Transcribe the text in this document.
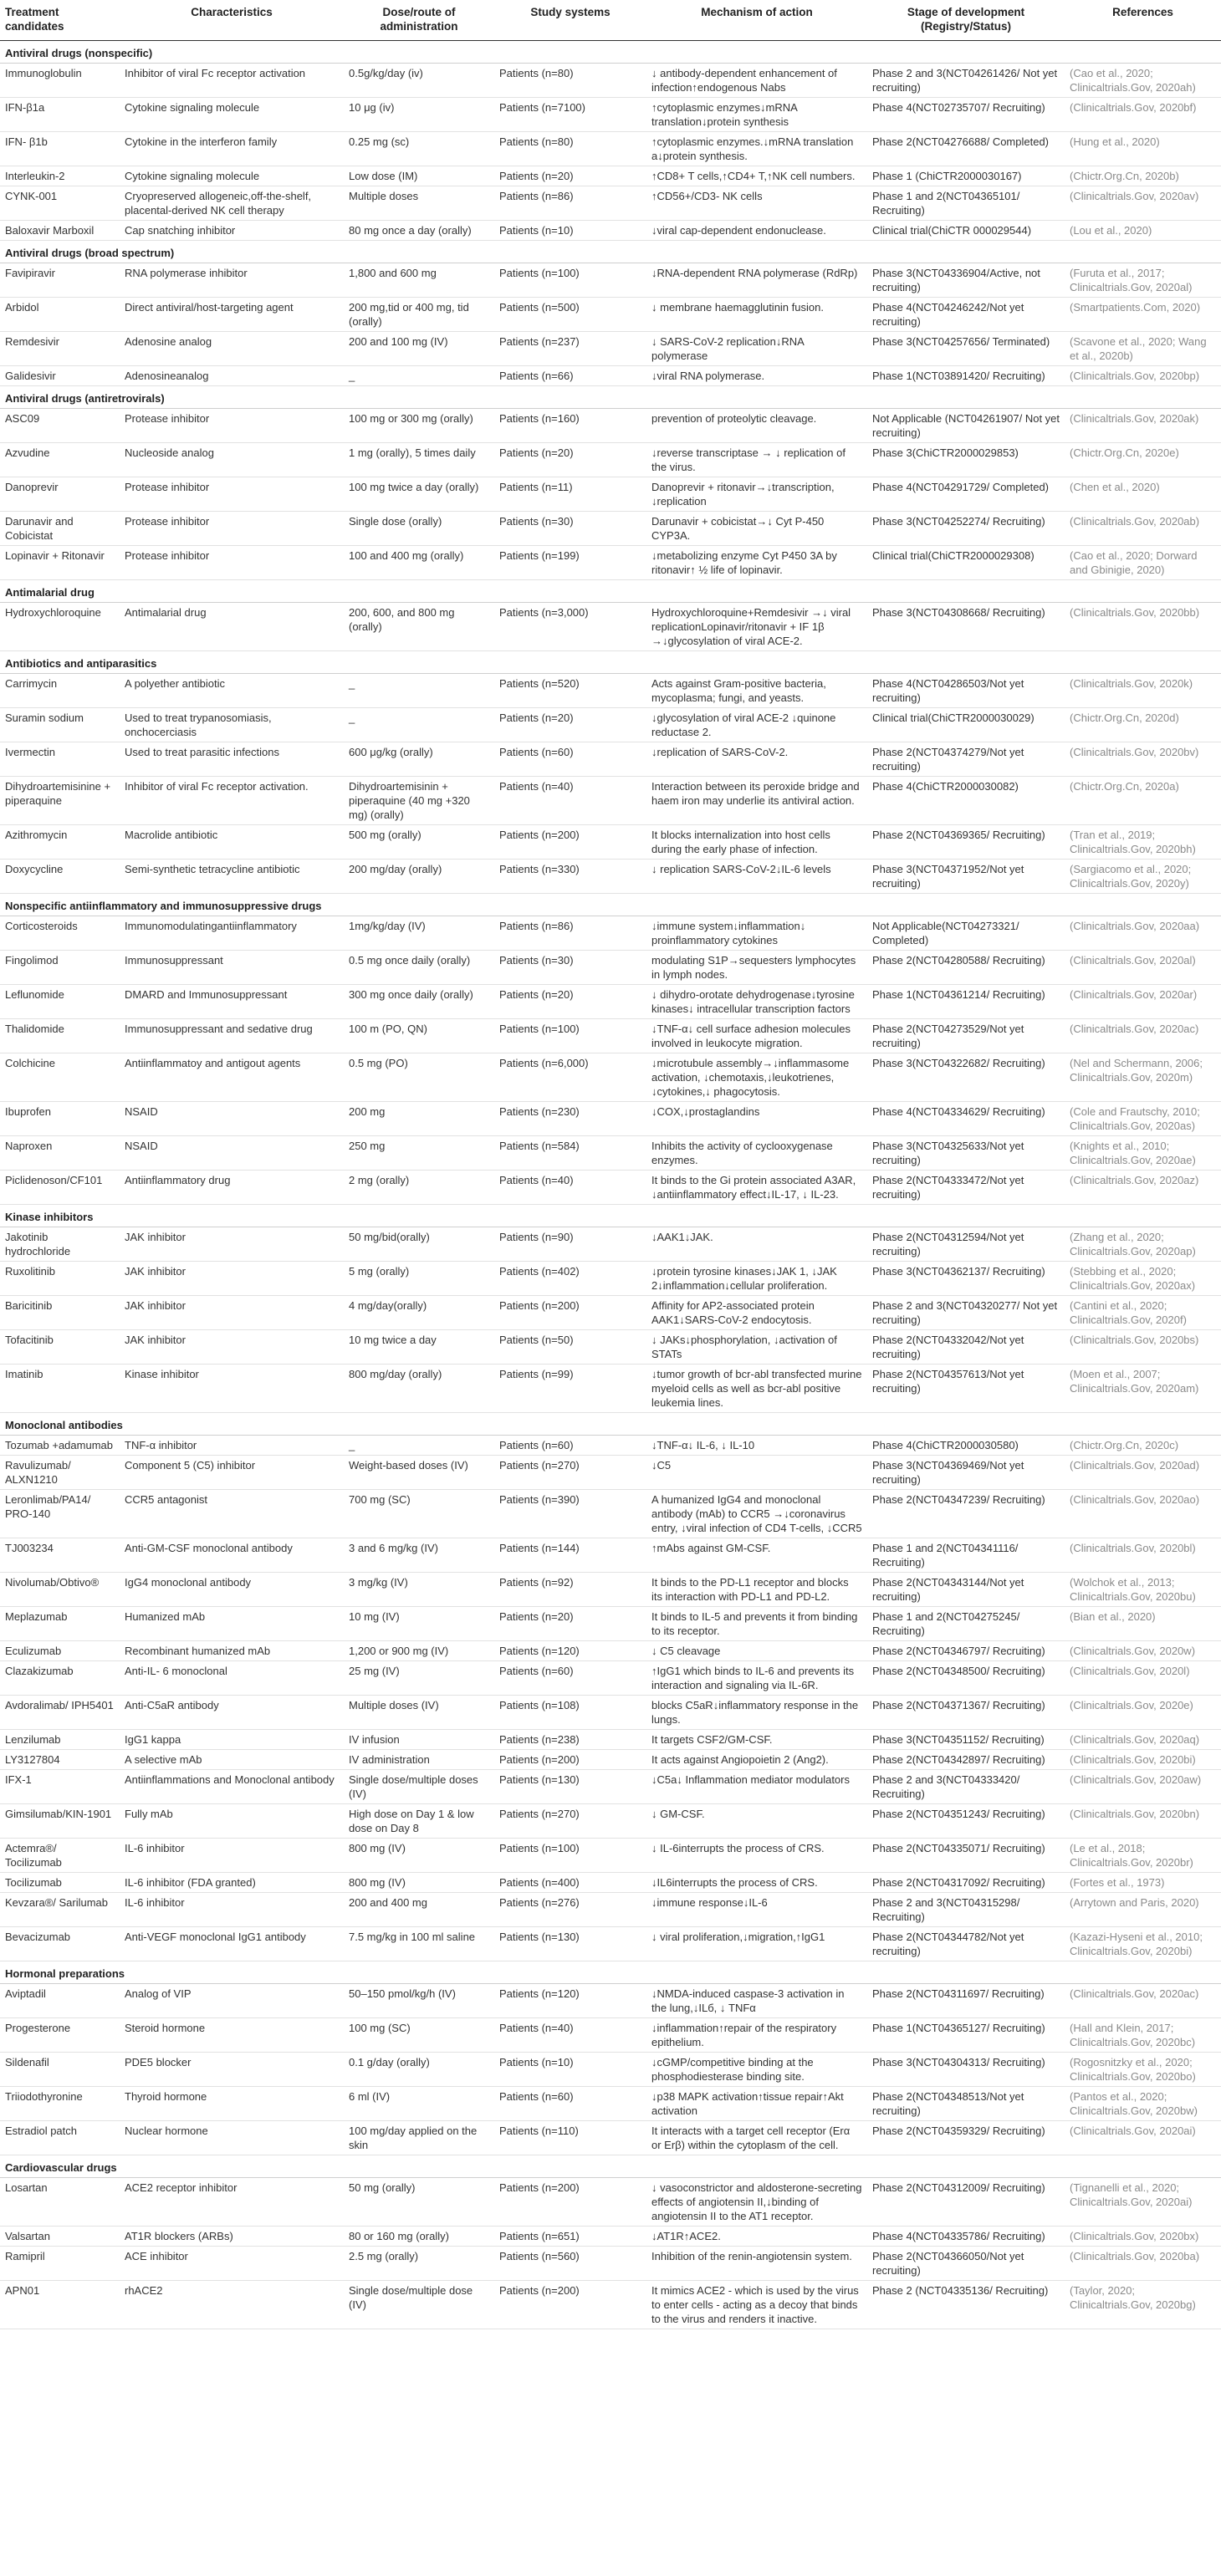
Treatment candidates	Characteristics	Dose/route of administration	Study systems	Mechanism of action	Stage of development (Registry/Status)	References
Antiviral drugs (nonspecific)						
Immunoglobulin	Inhibitor of viral Fc receptor activation	0.5g/kg/day (iv)	Patients (n=80)	↓ antibody-dependent enhancement of infection↑endogenous Nabs	Phase 2 and 3(NCT04261426/ Not yet recruiting)	(Cao et al., 2020; Clinicaltrials.Gov, 2020ah)
IFN-β1a	Cytokine signaling molecule	10 μg (iv)	Patients (n=7100)	↑cytoplasmic enzymes↓mRNA translation↓protein synthesis	Phase 4(NCT02735707/ Recruiting)	(Clinicaltrials.Gov, 2020bf)
IFN- β1b	Cytokine in the interferon family	0.25 mg (sc)	Patients (n=80)	↑cytoplasmic enzymes.↓mRNA translation a↓protein synthesis.	Phase 2(NCT04276688/ Completed)	(Hung et al., 2020)
Interleukin-2	Cytokine signaling molecule	Low dose (IM)	Patients (n=20)	↑CD8+ T cells,↑CD4+ T,↑NK cell numbers.	Phase 1 (ChiCTR2000030167)	(Chictr.Org.Cn, 2020b)
CYNK-001	Cryopreserved allogeneic,off-the-shelf, placental-derived NK cell therapy	Multiple doses	Patients (n=86)	↑CD56+/CD3- NK cells	Phase 1 and 2(NCT04365101/ Recruiting)	(Clinicaltrials.Gov, 2020av)
Baloxavir Marboxil	Cap snatching inhibitor	80 mg once a day (orally)	Patients (n=10)	↓viral cap-dependent endonuclease.	Clinical trial(ChiCTR 000029544)	(Lou et al., 2020)
Antiviral drugs (broad spectrum)						
Favipiravir	RNA polymerase inhibitor	1,800 and 600 mg	Patients (n=100)	↓RNA-dependent RNA polymerase (RdRp)	Phase 3(NCT04336904/Active, not recruiting)	(Furuta et al., 2017; Clinicaltrials.Gov, 2020al)
Arbidol	Direct antiviral/host-targeting agent	200 mg,tid or 400 mg, tid (orally)	Patients (n=500)	↓ membrane haemagglutinin fusion.	Phase 4(NCT04246242/Not yet recruiting)	(Smartpatients.Com, 2020)
Remdesivir	Adenosine analog	200 and 100 mg (IV)	Patients (n=237)	↓ SARS-CoV-2 replication↓RNA polymerase	Phase 3(NCT04257656/ Terminated)	(Scavone et al., 2020; Wang et al., 2020b)
Galidesivir	Adenosineanalog	_	Patients (n=66)	↓viral RNA polymerase.	Phase 1(NCT03891420/ Recruiting)	(Clinicaltrials.Gov, 2020bp)
Antiviral drugs (antiretrovirals)						
ASC09	Protease inhibitor	100 mg or 300 mg (orally)	Patients (n=160)	prevention of proteolytic cleavage.	Not Applicable (NCT04261907/ Not yet recruiting)	(Clinicaltrials.Gov, 2020ak)
Azvudine	Nucleoside analog	1 mg (orally), 5 times daily	Patients (n=20)	↓reverse transcriptase → ↓ replication of the virus.	Phase 3(ChiCTR2000029853)	(Chictr.Org.Cn, 2020e)
Danoprevir	Protease inhibitor	100 mg twice a day (orally)	Patients (n=11)	Danoprevir + ritonavir→↓transcription, ↓replication	Phase 4(NCT04291729/ Completed)	(Chen et al., 2020)
Darunavir and Cobicistat	Protease inhibitor	Single dose (orally)	Patients (n=30)	Darunavir + cobicistat→↓ Cyt P-450 CYP3A.	Phase 3(NCT04252274/ Recruiting)	(Clinicaltrials.Gov, 2020ab)
Lopinavir + Ritonavir	Protease inhibitor	100 and 400 mg (orally)	Patients (n=199)	↓metabolizing enzyme Cyt P450 3A by ritonavir↑ ½ life of lopinavir.	Clinical trial(ChiCTR2000029308)	(Cao et al., 2020; Dorward and Gbinigie, 2020)
Antimalarial drug						
Hydroxychloroquine	Antimalarial drug	200, 600, and 800 mg (orally)	Patients (n=3,000)	Hydroxychloroquine+Remdesivir →↓ viral replicationLopinavir/ritonavir + IF 1β →↓glycosylation of viral ACE-2.	Phase 3(NCT04308668/ Recruiting)	(Clinicaltrials.Gov, 2020bb)
Antibiotics and antiparasitics						
Carrimycin	A polyether antibiotic	_	Patients (n=520)	Acts against Gram-positive bacteria, mycoplasma; fungi, and yeasts.	Phase 4(NCT04286503/Not yet recruiting)	(Clinicaltrials.Gov, 2020k)
Suramin sodium	Used to treat trypanosomiasis, onchocerciasis	_	Patients (n=20)	↓glycosylation of viral ACE-2 ↓quinone reductase 2.	Clinical trial(ChiCTR2000030029)	(Chictr.Org.Cn, 2020d)
Ivermectin	Used to treat parasitic infections	600 μg/kg (orally)	Patients (n=60)	↓replication of SARS-CoV-2.	Phase 2(NCT04374279/Not yet recruiting)	(Clinicaltrials.Gov, 2020bv)
Dihydroartemisinine + piperaquine	Inhibitor of viral Fc receptor activation.	Dihydroartemisinin + piperaquine (40 mg +320 mg) (orally)	Patients (n=40)	Interaction between its peroxide bridge and haem iron may underlie its antiviral action.	Phase 4(ChiCTR2000030082)	(Chictr.Org.Cn, 2020a)
Azithromycin	Macrolide antibiotic	500 mg (orally)	Patients (n=200)	It blocks internalization into host cells during the early phase of infection.	Phase 2(NCT04369365/ Recruiting)	(Tran et al., 2019; Clinicaltrials.Gov, 2020bh)
Doxycycline	Semi-synthetic tetracycline antibiotic	200 mg/day (orally)	Patients (n=330)	↓ replication SARS-CoV-2↓IL-6 levels	Phase 3(NCT04371952/Not yet recruiting)	(Sargiacomo et al., 2020; Clinicaltrials.Gov, 2020y)
Nonspecific antiinflammatory and immunosuppressive drugs						
Corticosteroids	Immunomodulatingantiinflammatory	1mg/kg/day (IV)	Patients (n=86)	↓immune system↓inflammation↓ proinflammatory cytokines	Not Applicable(NCT04273321/ Completed)	(Clinicaltrials.Gov, 2020aa)
Fingolimod	Immunosuppressant	0.5 mg once daily (orally)	Patients (n=30)	modulating S1P→sequesters lymphocytes in lymph nodes.	Phase 2(NCT04280588/ Recruiting)	(Clinicaltrials.Gov, 2020al)
Leflunomide	DMARD and Immunosuppressant	300 mg once daily (orally)	Patients (n=20)	↓ dihydro-orotate dehydrogenase↓tyrosine kinases↓ intracellular transcription factors	Phase 1(NCT04361214/ Recruiting)	(Clinicaltrials.Gov, 2020ar)
Thalidomide	Immunosuppressant and sedative drug	100 m (PO, QN)	Patients (n=100)	↓TNF-α↓ cell surface adhesion molecules involved in leukocyte migration.	Phase 2(NCT04273529/Not yet recruiting)	(Clinicaltrials.Gov, 2020ac)
Colchicine	Antiinflammatoy and antigout agents	0.5 mg (PO)	Patients (n=6,000)	↓microtubule assembly→↓inflammasome activation, ↓chemotaxis,↓leukotrienes, ↓cytokines,↓ phagocytosis.	Phase 3(NCT04322682/ Recruiting)	(Nel and Schermann, 2006; Clinicaltrials.Gov, 2020m)
Ibuprofen	NSAID	200 mg	Patients (n=230)	↓COX,↓prostaglandins	Phase 4(NCT04334629/ Recruiting)	(Cole and Frautschy, 2010; Clinicaltrials.Gov, 2020as)
Naproxen	NSAID	250 mg	Patients (n=584)	Inhibits the activity of cyclooxygenase enzymes.	Phase 3(NCT04325633/Not yet recruiting)	(Knights et al., 2010; Clinicaltrials.Gov, 2020ae)
Piclidenoson/CF101	Antiinflammatory drug	2 mg (orally)	Patients (n=40)	It binds to the Gi protein associated A3AR, ↓antiinflammatory effect↓IL-17, ↓ IL-23.	Phase 2(NCT04333472/Not yet recruiting)	(Clinicaltrials.Gov, 2020az)
Kinase inhibitors						
Jakotinib hydrochloride	JAK inhibitor	50 mg/bid(orally)	Patients (n=90)	↓AAK1↓JAK.	Phase 2(NCT04312594/Not yet recruiting)	(Zhang et al., 2020; Clinicaltrials.Gov, 2020ap)
Ruxolitinib	JAK inhibitor	5 mg (orally)	Patients (n=402)	↓protein tyrosine kinases↓JAK 1, ↓JAK 2↓inflammation↓cellular proliferation.	Phase 3(NCT04362137/ Recruiting)	(Stebbing et al., 2020; Clinicaltrials.Gov, 2020ax)
Baricitinib	JAK inhibitor	4 mg/day(orally)	Patients (n=200)	Affinity for AP2-associated protein AAK1↓SARS-CoV-2 endocytosis.	Phase 2 and 3(NCT04320277/ Not yet recruiting)	(Cantini et al., 2020; Clinicaltrials.Gov, 2020f)
Tofacitinib	JAK inhibitor	10 mg twice a day	Patients (n=50)	↓ JAKs↓phosphorylation, ↓activation of STATs	Phase 2(NCT04332042/Not yet recruiting)	(Clinicaltrials.Gov, 2020bs)
Imatinib	Kinase inhibitor	800 mg/day (orally)	Patients (n=99)	↓tumor growth of bcr-abl transfected murine myeloid cells as well as bcr-abl positive leukemia lines.	Phase 2(NCT04357613/Not yet recruiting)	(Moen et al., 2007; Clinicaltrials.Gov, 2020am)
Monoclonal antibodies						
Tozumab +adamumab	TNF-α inhibitor	_	Patients (n=60)	↓TNF-α↓ IL-6, ↓ IL-10	Phase 4(ChiCTR2000030580)	(Chictr.Org.Cn, 2020c)
Ravulizumab/ ALXN1210	Component 5 (C5) inhibitor	Weight-based doses (IV)	Patients (n=270)	↓C5	Phase 3(NCT04369469/Not yet recruiting)	(Clinicaltrials.Gov, 2020ad)
Leronlimab/PA14/ PRO-140	CCR5 antagonist	700 mg (SC)	Patients (n=390)	A humanized IgG4 and monoclonal antibody (mAb) to CCR5 →↓coronavirus entry, ↓viral infection of CD4 T-cells, ↓CCR5	Phase 2(NCT04347239/ Recruiting)	(Clinicaltrials.Gov, 2020ao)
TJ003234	Anti-GM-CSF monoclonal antibody	3 and 6 mg/kg (IV)	Patients (n=144)	↑mAbs against GM-CSF.	Phase 1 and 2(NCT04341116/ Recruiting)	(Clinicaltrials.Gov, 2020bl)
Nivolumab/Obtivo®	IgG4 monoclonal antibody	3 mg/kg (IV)	Patients (n=92)	It binds to the PD-L1 receptor and blocks its interaction with PD-L1 and PD-L2.	Phase 2(NCT04343144/Not yet recruiting)	(Wolchok et al., 2013; Clinicaltrials.Gov, 2020bu)
Meplazumab	Humanized mAb	10 mg (IV)	Patients (n=20)	It binds to IL-5 and prevents it from binding to its receptor.	Phase 1 and 2(NCT04275245/ Recruiting)	(Bian et al., 2020)
Eculizumab	Recombinant humanized mAb	1,200 or 900 mg (IV)	Patients (n=120)	↓ C5 cleavage	Phase 2(NCT04346797/ Recruiting)	(Clinicaltrials.Gov, 2020w)
Clazakizumab	Anti-IL- 6 monoclonal	25 mg (IV)	Patients (n=60)	↑IgG1 which binds to IL-6 and prevents its interaction and signaling via IL-6R.	Phase 2(NCT04348500/ Recruiting)	(Clinicaltrials.Gov, 2020l)
Avdoralimab/ IPH5401	Anti-C5aR antibody	Multiple doses (IV)	Patients (n=108)	blocks C5aR↓inflammatory response in the lungs.	Phase 2(NCT04371367/ Recruiting)	(Clinicaltrials.Gov, 2020e)
Lenzilumab	IgG1 kappa	IV infusion	Patients (n=238)	It targets CSF2/GM-CSF.	Phase 3(NCT04351152/ Recruiting)	(Clinicaltrials.Gov, 2020aq)
LY3127804	A selective mAb	IV administration	Patients (n=200)	It acts against Angiopoietin 2 (Ang2).	Phase 2(NCT04342897/ Recruiting)	(Clinicaltrials.Gov, 2020bi)
IFX-1	Antiinflammations and Monoclonal antibody	Single dose/multiple doses (IV)	Patients (n=130)	↓C5a↓ Inflammation mediator modulators	Phase 2 and 3(NCT04333420/ Recruiting)	(Clinicaltrials.Gov, 2020aw)
Gimsilumab/KIN-1901	Fully mAb	High dose on Day 1 & low dose on Day 8	Patients (n=270)	↓ GM-CSF.	Phase 2(NCT04351243/ Recruiting)	(Clinicaltrials.Gov, 2020bn)
Actemra®/ Tocilizumab	IL-6 inhibitor	800 mg (IV)	Patients (n=100)	↓ IL-6interrupts the process of CRS.	Phase 2(NCT04335071/ Recruiting)	(Le et al., 2018; Clinicaltrials.Gov, 2020br)
Tocilizumab	IL-6 inhibitor (FDA granted)	800 mg (IV)	Patients (n=400)	↓IL6interrupts the process of CRS.	Phase 2(NCT04317092/ Recruiting)	(Fortes et al., 1973)
Kevzara®/ Sarilumab	IL-6 inhibitor	200 and 400 mg	Patients (n=276)	↓immune response↓IL-6	Phase 2 and 3(NCT04315298/ Recruiting)	(Arrytown and Paris, 2020)
Bevacizumab	Anti-VEGF monoclonal IgG1 antibody	7.5 mg/kg in 100 ml saline	Patients (n=130)	↓ viral proliferation,↓migration,↑IgG1	Phase 2(NCT04344782/Not yet recruiting)	(Kazazi-Hyseni et al., 2010; Clinicaltrials.Gov, 2020bi)
Hormonal preparations						
Aviptadil	Analog of VIP	50–150 pmol/kg/h (IV)	Patients (n=120)	↓NMDA-induced caspase-3 activation in the lung,↓ILб, ↓ TNFα	Phase 2(NCT04311697/ Recruiting)	(Clinicaltrials.Gov, 2020ac)
Progesterone	Steroid hormone	100 mg (SC)	Patients (n=40)	↓inflammation↑repair of the respiratory epithelium.	Phase 1(NCT04365127/ Recruiting)	(Hall and Klein, 2017; Clinicaltrials.Gov, 2020bc)
Sildenafil	PDE5 blocker	0.1 g/day (orally)	Patients (n=10)	↓cGMP/competitive binding at the phosphodiesterase binding site.	Phase 3(NCT04304313/ Recruiting)	(Rogosnitzky et al., 2020; Clinicaltrials.Gov, 2020bo)
Triiodothyronine	Thyroid hormone	6 ml (IV)	Patients (n=60)	↓p38 MAPK activation↑tissue repair↑Akt activation	Phase 2(NCT04348513/Not yet recruiting)	(Pantos et al., 2020; Clinicaltrials.Gov, 2020bw)
Estradiol patch	Nuclear hormone	100 mg/day applied on the skin	Patients (n=110)	It interacts with a target cell receptor (Erα or Erβ) within the cytoplasm of the cell.	Phase 2(NCT04359329/ Recruiting)	(Clinicaltrials.Gov, 2020ai)
Cardiovascular drugs						
Losartan	ACE2 receptor inhibitor	50 mg (orally)	Patients (n=200)	↓ vasoconstrictor and aldosterone-secreting effects of angiotensin II,↓binding of angiotensin II to the AT1 receptor.	Phase 2(NCT04312009/ Recruiting)	(Tignanelli et al., 2020; Clinicaltrials.Gov, 2020ai)
Valsartan	AT1R blockers (ARBs)	80 or 160 mg (orally)	Patients (n=651)	↓AT1R↑ACE2.	Phase 4(NCT04335786/ Recruiting)	(Clinicaltrials.Gov, 2020bx)
Ramipril	ACE inhibitor	2.5 mg (orally)	Patients (n=560)	Inhibition of the renin-angiotensin system.	Phase 2(NCT04366050/Not yet recruiting)	(Clinicaltrials.Gov, 2020ba)
APN01	rhACE2	Single dose/multiple dose (IV)	Patients (n=200)	It mimics ACE2 - which is used by the virus to enter cells - acting as a decoy that binds to the virus and renders it inactive.	Phase 2 (NCT04335136/ Recruiting)	(Taylor, 2020; Clinicaltrials.Gov, 2020bg)
